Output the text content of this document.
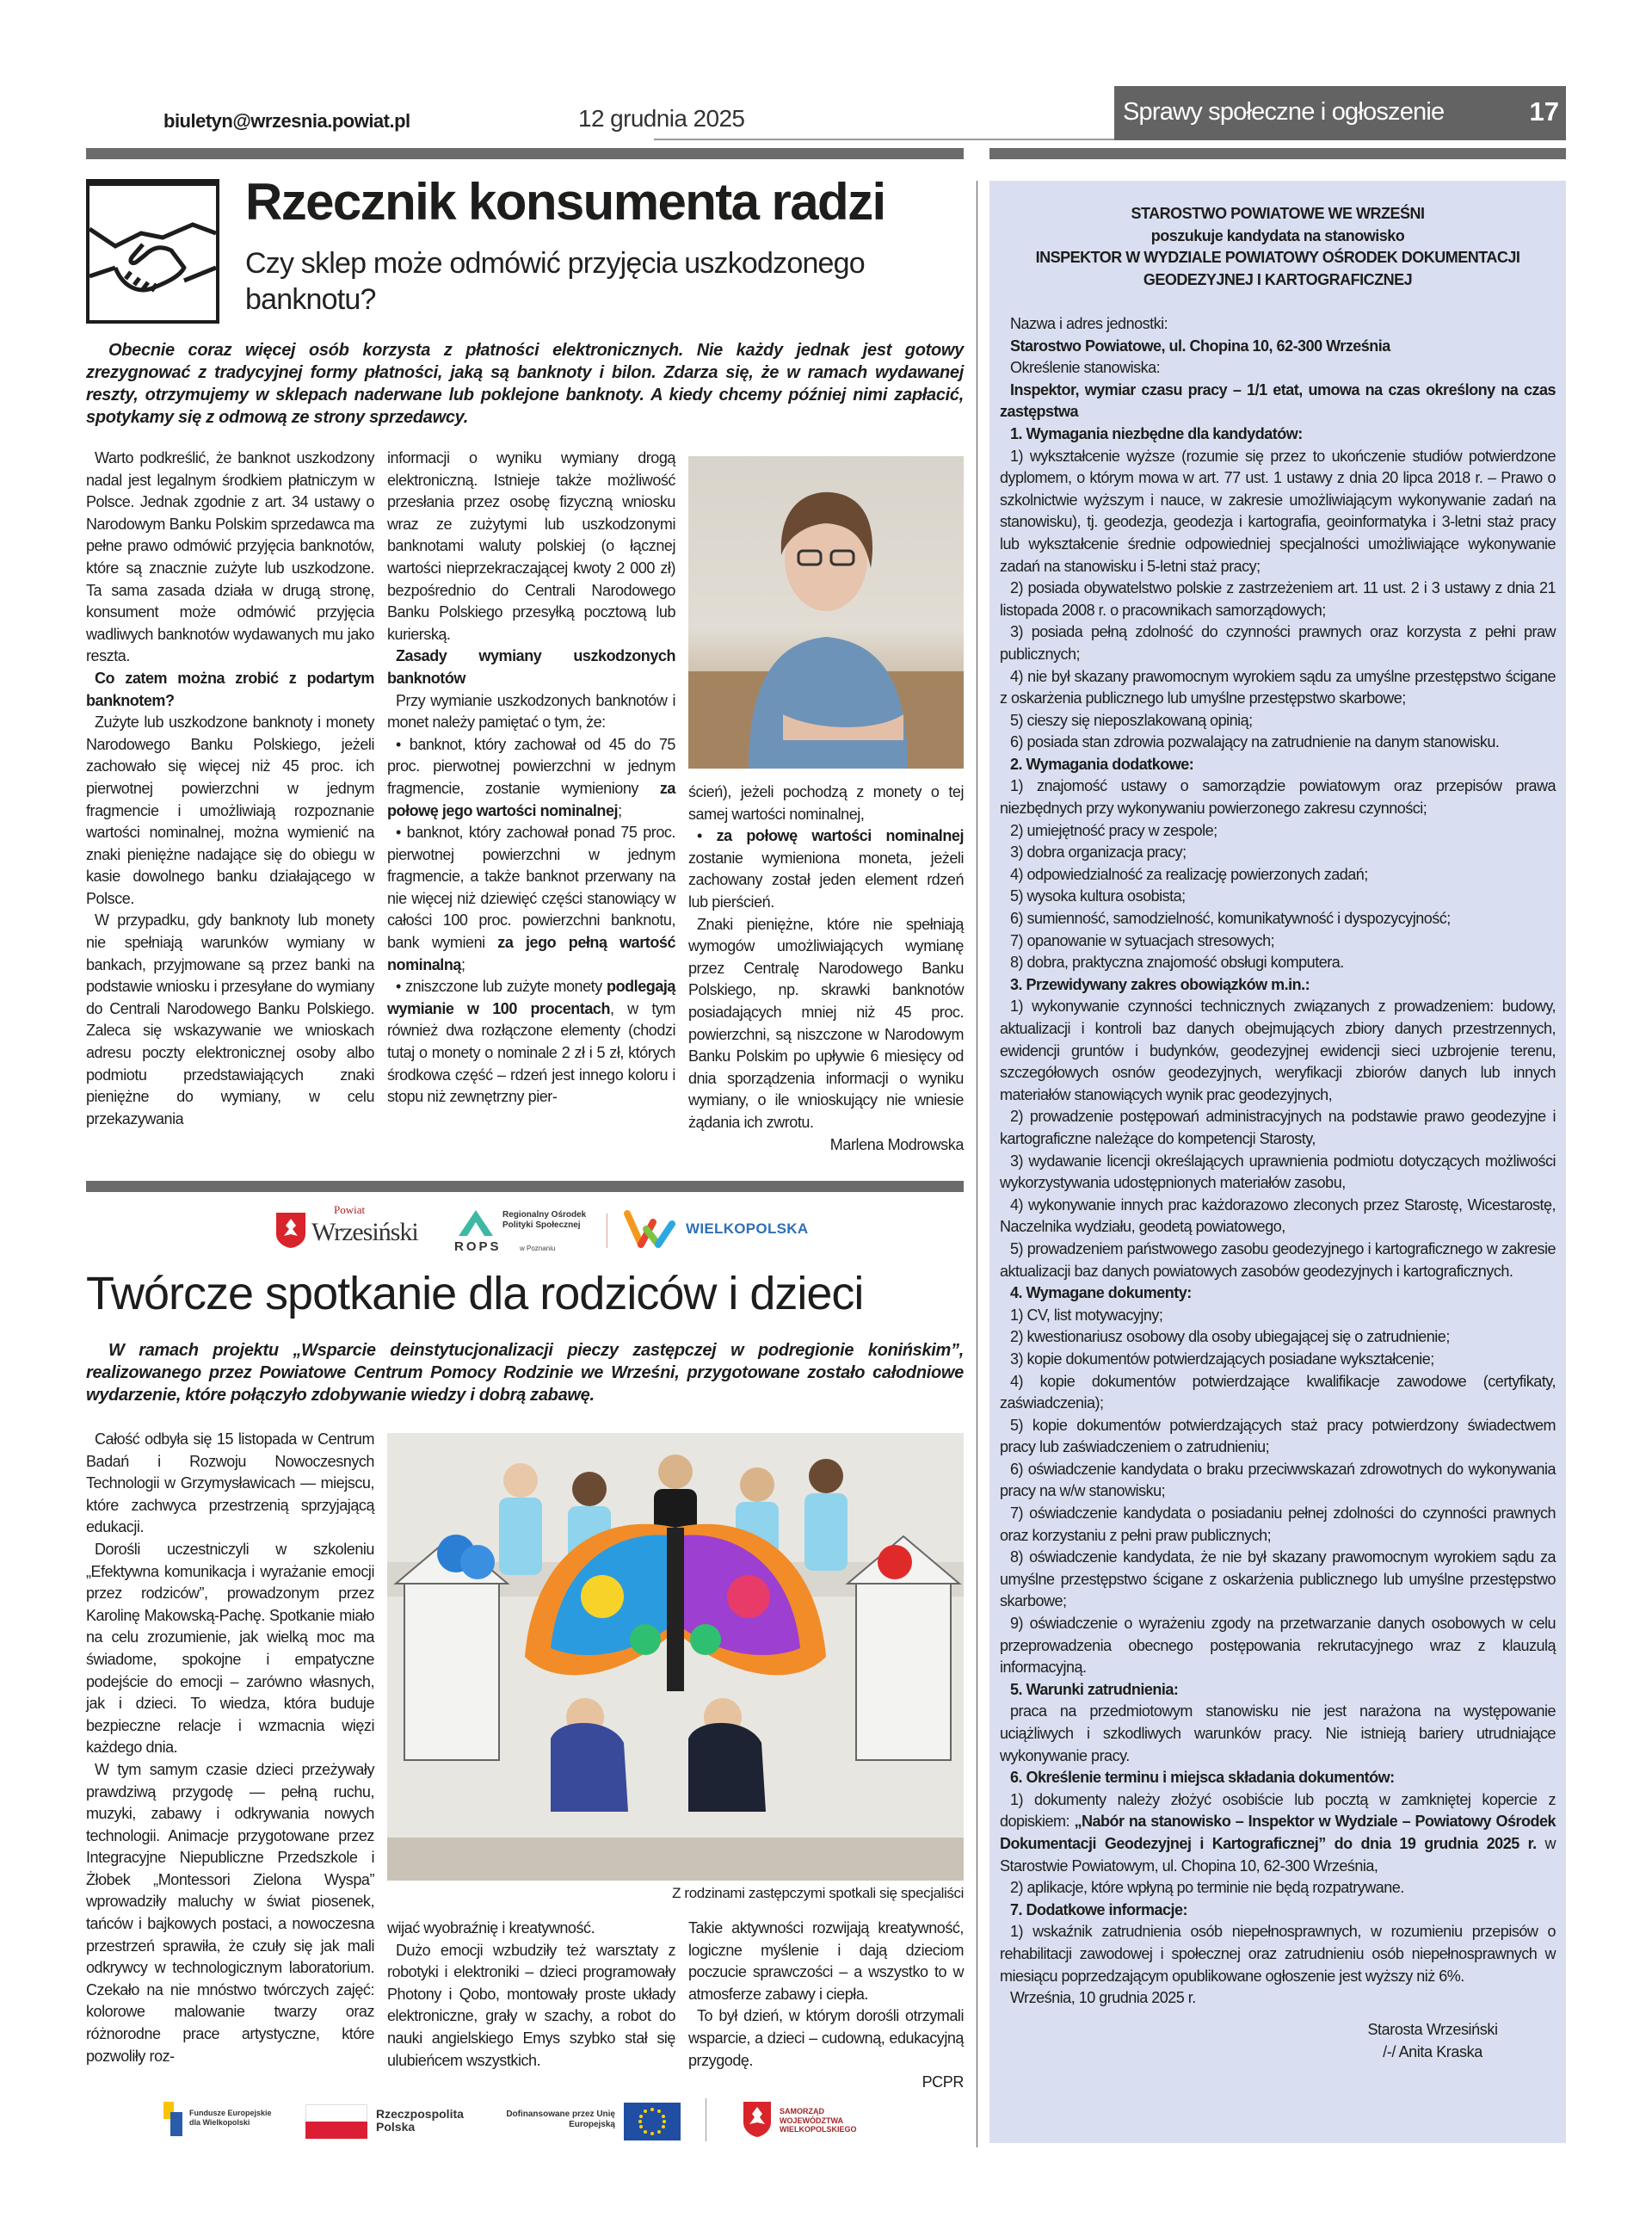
biuletyn@wrzesnia.powiat.pl	12 grudnia 2025	Sprawy społeczne i ogłoszenie	17
Rzecznik konsumenta radzi
Czy sklep może odmówić przyjęcia uszkodzonego banknotu?
Obecnie coraz więcej osób korzysta z płatności elektronicznych. Nie każdy jednak jest gotowy zrezygnować z tradycyjnej formy płatności, jaką są banknoty i bilon. Zdarza się, że w ramach wydawanej reszty, otrzymujemy w sklepach naderwane lub poklejone banknoty. A kiedy chcemy później nimi zapłacić, spotykamy się z odmową ze strony sprzedawcy.

Warto podkreślić, że banknot uszkodzony nadal jest legalnym środkiem płatniczym w Polsce. Jednak zgodnie z art. 34 ustawy o Narodowym Banku Polskim sprzedawca ma pełne prawo odmówić przyjęcia banknotów, które są znacznie zużyte lub uszkodzone. Ta sama zasada działa w drugą stronę, konsument może odmówić przyjęcia wadliwych banknotów wydawanych mu jako reszta.

Co zatem można zrobić z podartym banknotem?

Zużyte lub uszkodzone banknoty i monety Narodowego Banku Polskiego, jeżeli zachowało się więcej niż 45 proc. ich pierwotnej powierzchni w jednym fragmencie i umożliwiają rozpoznanie wartości nominalnej, można wymienić na znaki pieniężne nadające się do obiegu w kasie dowolnego banku działającego w Polsce.

W przypadku, gdy banknoty lub monety nie spełniają warunków wymiany w bankach, przyjmowane są przez banki na podstawie wniosku i przesyłane do wymiany do Centrali Narodowego Banku Polskiego. Zaleca się wskazywanie we wnioskach adresu poczty elektronicznej osoby albo podmiotu przedstawiających znaki pieniężne do wymiany, w celu przekazywania

informacji o wyniku wymiany drogą elektroniczną. Istnieje także możliwość przesłania przez osobę fizyczną wniosku wraz ze zużytymi lub uszkodzonymi banknotami waluty polskiej (o łącznej wartości nieprzekraczającej kwoty 2 000 zł) bezpośrednio do Centrali Narodowego Banku Polskiego przesyłką pocztową lub kurierską.

Zasady wymiany uszkodzonych banknotów

Przy wymianie uszkodzonych banknotów i monet należy pamiętać o tym, że:

• banknot, który zachował od 45 do 75 proc. pierwotnej powierzchni w jednym fragmencie, zostanie wymieniony za połowę jego wartości nominalnej;

• banknot, który zachował ponad 75 proc. pierwotnej powierzchni w jednym fragmencie, a także banknot przerwany na nie więcej niż dziewięć części stanowiący w całości 100 proc. powierzchni banknotu, bank wymieni za jego pełną wartość nominalną;

• zniszczone lub zużyte monety podlegają wymianie w 100 procentach, w tym również dwa rozłączone elementy (chodzi tutaj o monety o nominale 2 zł i 5 zł, których środkowa część – rdzeń jest innego koloru i stopu niż zewnętrzny pier-

ścień), jeżeli pochodzą z monety o tej samej wartości nominalnej,

• za połowę wartości nominalnej zostanie wymieniona moneta, jeżeli zachowany został jeden element rdzeń lub pierścień.

Znaki pieniężne, które nie spełniają wymogów umożliwiających wymianę przez Centralę Narodowego Banku Polskiego, np. skrawki banknotów posiadających mniej niż 45 proc. powierzchni, są niszczone w Narodowym Banku Polskim po upływie 6 miesięcy od dnia sporządzenia informacji o wyniku wymiany, o ile wnioskujący nie wniesie żądania ich zwrotu.

Marlena Modrowska
Powiat
Wrzesiński
ROPS
Regionalny Ośrodek Polityki Społecznej
w Poznaniu
WIELKOPOLSKA
Twórcze spotkanie dla rodziców i dzieci
W ramach projektu „Wsparcie deinstytucjonalizacji pieczy zastępczej w podregionie konińskim”, realizowanego przez Powiatowe Centrum Pomocy Rodzinie we Wrześni, przygotowane zostało całodniowe wydarzenie, które połączyło zdobywanie wiedzy i dobrą zabawę.

Całość odbyła się 15 listopada w Centrum Badań i Rozwoju Nowoczesnych Technologii w Grzymysławicach — miejscu, które zachwyca przestrzenią sprzyjającą edukacji.

Dorośli uczestniczyli w szkoleniu „Efektywna komunikacja i wyrażanie emocji przez rodziców”, prowadzonym przez Karolinę Makowską-Pachę. Spotkanie miało na celu zrozumienie, jak wielką moc ma świadome, spokojne i empatyczne podejście do emocji – zarówno własnych, jak i dzieci. To wiedza, która buduje bezpieczne relacje i wzmacnia więzi każdego dnia.

W tym samym czasie dzieci przeżywały prawdziwą przygodę — pełną ruchu, muzyki, zabawy i odkrywania nowych technologii. Animacje przygotowane przez Integracyjne Niepubliczne Przedszkole i Żłobek „Montessori Zielona Wyspa” wprowadziły maluchy w świat piosenek, tańców i bajkowych postaci, a nowoczesna przestrzeń sprawiła, że czuły się jak mali odkrywcy w technologicznym laboratorium. Czekało na nie mnóstwo twórczych zajęć: kolorowe malowanie twarzy oraz różnorodne prace artystyczne, które pozwoliły roz-

Z rodzinami zastępczymi spotkali się specjaliści

wijać wyobraźnię i kreatywność.

Dużo emocji wzbudziły też warsztaty z robotyki i elektroniki – dzieci programowały Photony i Qobo, montowały proste układy elektroniczne, grały w szachy, a robot do nauki angielskiego Emys szybko stał się ulubieńcem wszystkich.

Takie aktywności rozwijają kreatywność, logiczne myślenie i dają dzieciom poczucie sprawczości – a wszystko to w atmosferze zabawy i ciepła.

To był dzień, w którym dorośli otrzymali wsparcie, a dzieci – cudowną, edukacyjną przygodę.

PCPR
Fundusze Europejskie dla Wielkopolski
Rzeczpospolita Polska
Dofinansowane przez Unię Europejską
SAMORZĄD WOJEWÓDZTWA WIELKOPOLSKIEGO
STAROSTWO POWIATOWE WE WRZEŚNI
poszukuje kandydata na stanowisko
INSPEKTOR W WYDZIALE POWIATOWY OŚRODEK DOKUMENTACJI
GEODEZYJNEJ I KARTOGRAFICZNEJ

Nazwa i adres jednostki:

Starostwo Powiatowe, ul. Chopina 10, 62-300 Września

Określenie stanowiska:

Inspektor, wymiar czasu pracy – 1/1 etat, umowa na czas określony na czas zastępstwa

1. Wymagania niezbędne dla kandydatów:

1) wykształcenie wyższe (rozumie się przez to ukończenie studiów potwierdzone dyplomem, o którym mowa w art. 77 ust. 1 ustawy z dnia 20 lipca 2018 r. – Prawo o szkolnictwie wyższym i nauce, w zakresie umożliwiającym wykonywanie zadań na stanowisku), tj. geodezja, geodezja i kartografia, geoinformatyka i 3-letni staż pracy lub wykształcenie średnie odpowiedniej specjalności umożliwiające wykonywanie zadań na stanowisku i 5-letni staż pracy;

2) posiada obywatelstwo polskie z zastrzeżeniem art. 11 ust. 2 i 3 ustawy z dnia 21 listopada 2008 r. o pracownikach samorządowych;

3) posiada pełną zdolność do czynności prawnych oraz korzysta z pełni praw publicznych;

4) nie był skazany prawomocnym wyrokiem sądu za umyślne przestępstwo ścigane z oskarżenia publicznego lub umyślne przestępstwo skarbowe;

5) cieszy się nieposzlakowaną opinią;

6) posiada stan zdrowia pozwalający na zatrudnienie na danym stanowisku.

2. Wymagania dodatkowe:

1) znajomość ustawy o samorządzie powiatowym oraz przepisów prawa niezbędnych przy wykonywaniu powierzonego zakresu czynności;

2) umiejętność pracy w zespole;

3) dobra organizacja pracy;

4) odpowiedzialność za realizację powierzonych zadań;

5) wysoka kultura osobista;

6) sumienność, samodzielność, komunikatywność i dyspozycyjność;

7) opanowanie w sytuacjach stresowych;

8) dobra, praktyczna znajomość obsługi komputera.

3. Przewidywany zakres obowiązków m.in.:

1) wykonywanie czynności technicznych związanych z prowadzeniem: budowy, aktualizacji i kontroli baz danych obejmujących zbiory danych przestrzennych, ewidencji gruntów i budynków, geodezyjnej ewidencji sieci uzbrojenie terenu, szczegółowych osnów geodezyjnych, weryfikacji zbiorów danych lub innych materiałów stanowiących wynik prac geodezyjnych,

2) prowadzenie postępowań administracyjnych na podstawie prawo geodezyjne i kartograficzne należące do kompetencji Starosty,

3) wydawanie licencji określających uprawnienia podmiotu dotyczących możliwości wykorzystywania udostępnionych materiałów zasobu,

4) wykonywanie innych prac każdorazowo zleconych przez Starostę, Wicestarostę, Naczelnika wydziału, geodetą powiatowego,

5) prowadzeniem państwowego zasobu geodezyjnego i kartograficznego w zakresie aktualizacji baz danych powiatowych zasobów geodezyjnych i kartograficznych.

4. Wymagane dokumenty:

1) CV, list motywacyjny;

2) kwestionariusz osobowy dla osoby ubiegającej się o zatrudnienie;

3) kopie dokumentów potwierdzających posiadane wykształcenie;

4) kopie dokumentów potwierdzające kwalifikacje zawodowe (certyfikaty, zaświadczenia);

5) kopie dokumentów potwierdzających staż pracy potwierdzony świadectwem pracy lub zaświadczeniem o zatrudnieniu;

6) oświadczenie kandydata o braku przeciwwskazań zdrowotnych do wykonywania pracy na w/w stanowisku;

7) oświadczenie kandydata o posiadaniu pełnej zdolności do czynności prawnych oraz korzystaniu z pełni praw publicznych;

8) oświadczenie kandydata, że nie był skazany prawomocnym wyrokiem sądu za umyślne przestępstwo ścigane z oskarżenia publicznego lub umyślne przestępstwo skarbowe;

9) oświadczenie o wyrażeniu zgody na przetwarzanie danych osobowych w celu przeprowadzenia obecnego postępowania rekrutacyjnego wraz z klauzulą informacyjną.

5. Warunki zatrudnienia:

praca na przedmiotowym stanowisku nie jest narażona na występowanie uciążliwych i szkodliwych warunków pracy. Nie istnieją bariery utrudniające wykonywanie pracy.

6. Określenie terminu i miejsca składania dokumentów:

1) dokumenty należy złożyć osobiście lub pocztą w zamkniętej kopercie z dopiskiem: „Nabór na stanowisko – Inspektor w Wydziale – Powiatowy Ośrodek Dokumentacji Geodezyjnej i Kartograficznej” do dnia 19 grudnia 2025 r. w Starostwie Powiatowym, ul. Chopina 10, 62-300 Września,

2) aplikacje, które wpłyną po terminie nie będą rozpatrywane.

7. Dodatkowe informacje:

1) wskaźnik zatrudnienia osób niepełnosprawnych, w rozumieniu przepisów o rehabilitacji zawodowej i społecznej oraz zatrudnieniu osób niepełnosprawnych w miesiącu poprzedzającym opublikowane ogłoszenie jest wyższy niż 6%.

Września, 10 grudnia 2025 r.

Starosta Wrzesiński
/-/ Anita Kraska
